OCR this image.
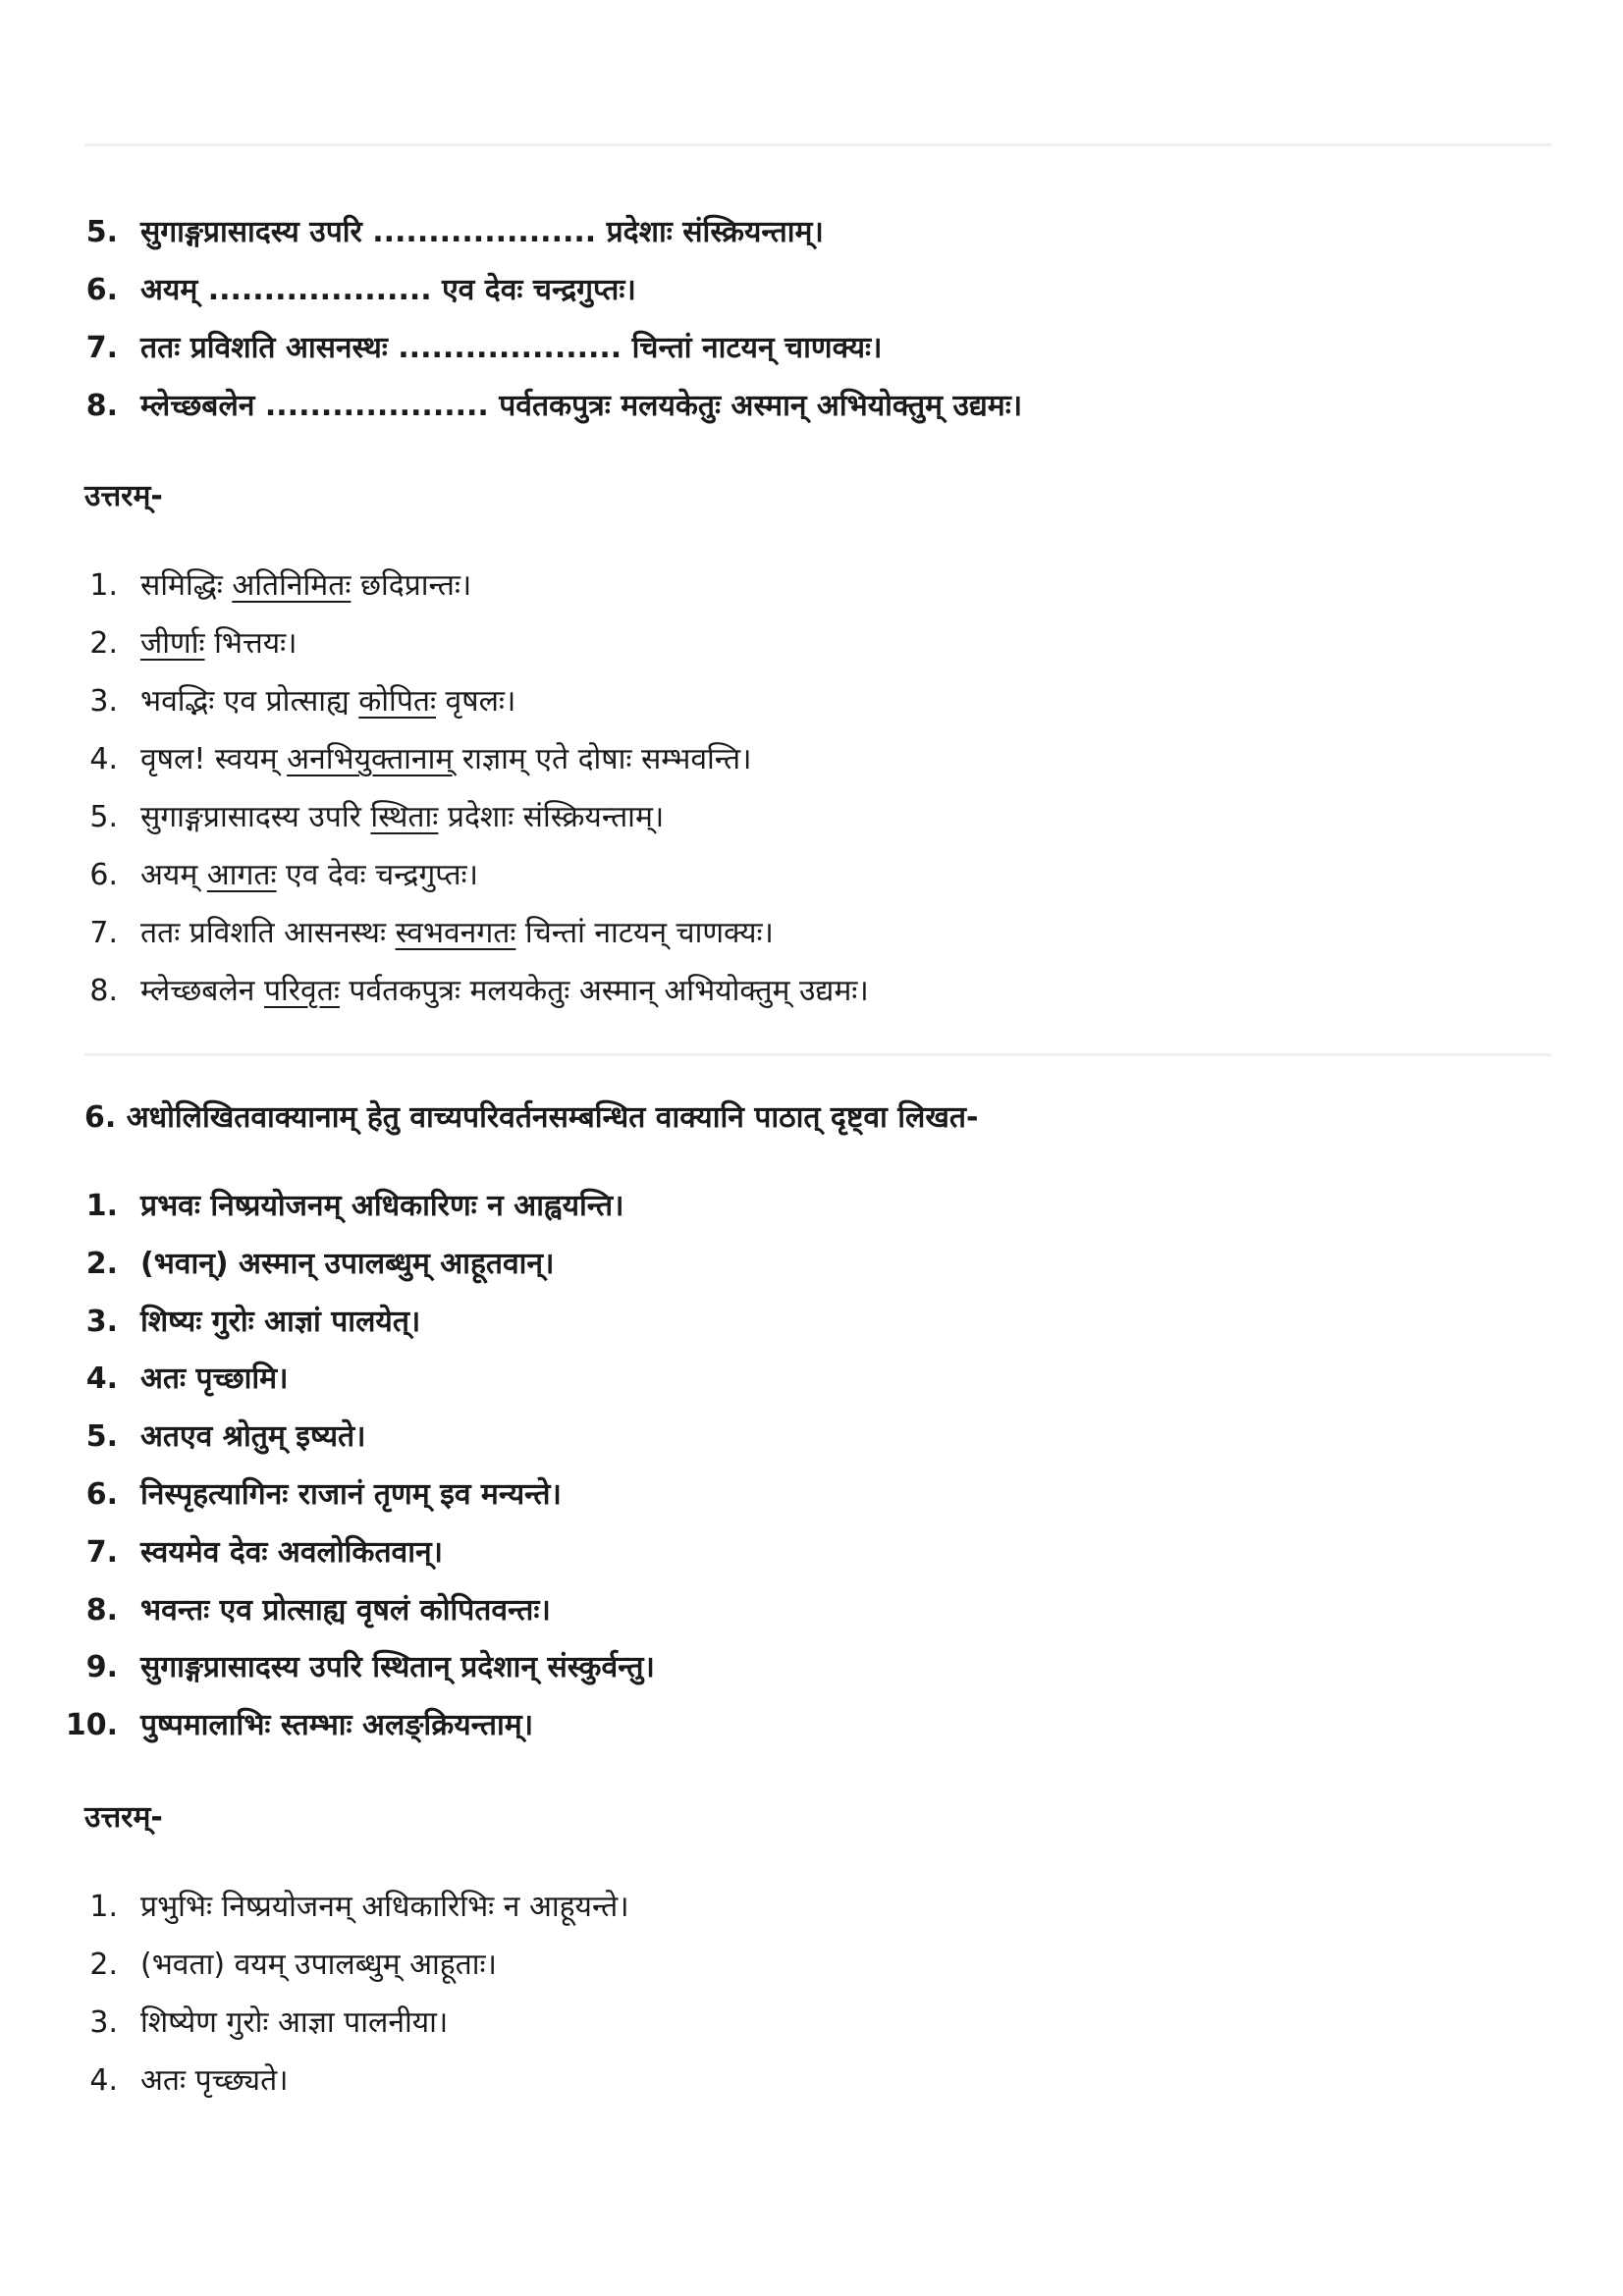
5. सुगाङ्गप्रासादस्य उपरि .................... प्रदेशाः संस्क्रियन्ताम्।
6. अयम् .................... एव देवः चन्द्रगुप्तः।
7. ततः प्रविशति आसनस्थः .................... चिन्तां नाटयन् चाणक्यः।
8. म्लेच्छबलेन .................... पर्वतकपुत्रः मलयकेतुः अस्मान् अभियोक्तुम् उद्यमः।
उत्तरम्-
1. समिद्धिः अतिनिमितः छदिप्रान्तः।
2. जीर्णाः भित्तयः।
3. भवद्भिः एव प्रोत्साह्य कोपितः वृषलः।
4. वृषल! स्वयम् अनभियुक्तानाम् राज्ञाम् एते दोषाः सम्भवन्ति।
5. सुगाङ्गप्रासादस्य उपरि स्थिताः प्रदेशाः संस्क्रियन्ताम्।
6. अयम् आगतः एव देवः चन्द्रगुप्तः।
7. ततः प्रविशति आसनस्थः स्वभवनगतः चिन्तां नाटयन् चाणक्यः।
8. म्लेच्छबलेन परिवृतः पर्वतकपुत्रः मलयकेतुः अस्मान् अभियोक्तुम् उद्यमः।
6. अधोलिखितवाक्यानाम् हेतु वाच्यपरिवर्तनसम्बन्धित वाक्यानि पाठात् दृष्ट्वा लिखत-
1. प्रभवः निष्प्रयोजनम् अधिकारिणः न आह्वयन्ति।
2. (भवान्) अस्मान् उपालब्धुम् आहूतवान्।
3. शिष्यः गुरोः आज्ञां पालयेत्।
4. अतः पृच्छामि।
5. अतएव श्रोतुम् इष्यते।
6. निस्पृहत्यागिनः राजानं तृणम् इव मन्यन्ते।
7. स्वयमेव देवः अवलोकितवान्।
8. भवन्तः एव प्रोत्साह्य वृषलं कोपितवन्तः।
9. सुगाङ्गप्रासादस्य उपरि स्थितान् प्रदेशान् संस्कुर्वन्तु।
10. पुष्पमालाभिः स्तम्भाः अलङ्क्रियन्ताम्।
उत्तरम्-
1. प्रभुभिः निष्प्रयोजनम् अधिकारिभिः न आहूयन्ते।
2. (भवता) वयम् उपालब्धुम् आहूताः।
3. शिष्येण गुरोः आज्ञा पालनीया।
4. अतः पृच्छ्यते।
